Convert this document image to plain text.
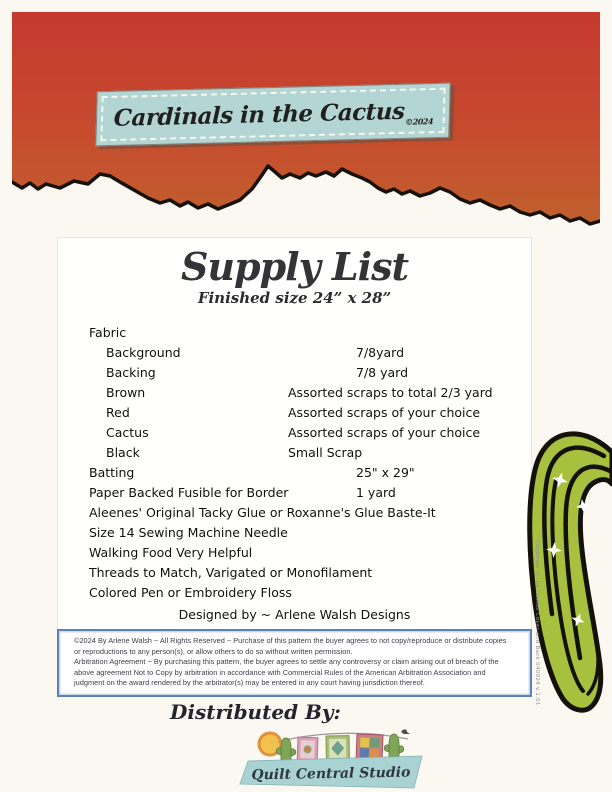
Cardinals in the Cactus$_{©2024}$
Supply List
Finished size 24” x 28”
Fabric
Background	7/8yard
Backing	7/8 yard
Brown	Assorted scraps to total 2/3 yard
Red	Assorted scraps of your choice
Cactus	Assorted scraps of your choice
Black	Small Scrap
Batting	25" x 29"
Paper Backed Fusible for Border	1 yard
Aleenes' Original Tacky Glue or Roxanne's Glue Baste-It
Size 14 Sewing Machine Needle
Walking Food Very Helpful
Threads to Match, Varigated or Monofilament
Colored Pen or Embroidery Floss
Designed by ~ Arlene Walsh Designs

©2024 By Arlene Walsh ~ All Rights Reserved ~ Purchase of this pattern the buyer agrees to not copy/reproduce or distribute copies or reproductions to any person(s), or allow others to do so without written permission.

Arbitration Agreement ~ By purchasing this pattern, the buyer agrees to settle any controversy or claim arising out of breach of the above agreement Not to Copy by arbitration in accordance with Commercial Rules of the American Arbitration Association and judgment on the award rendered by the arbitrator(s) may be entered in any court having jurisdiction thereof.	Cardinals in the Cactus Cover and Back 040924 v.1.01
Distributed By:
Quilt Central Studio
